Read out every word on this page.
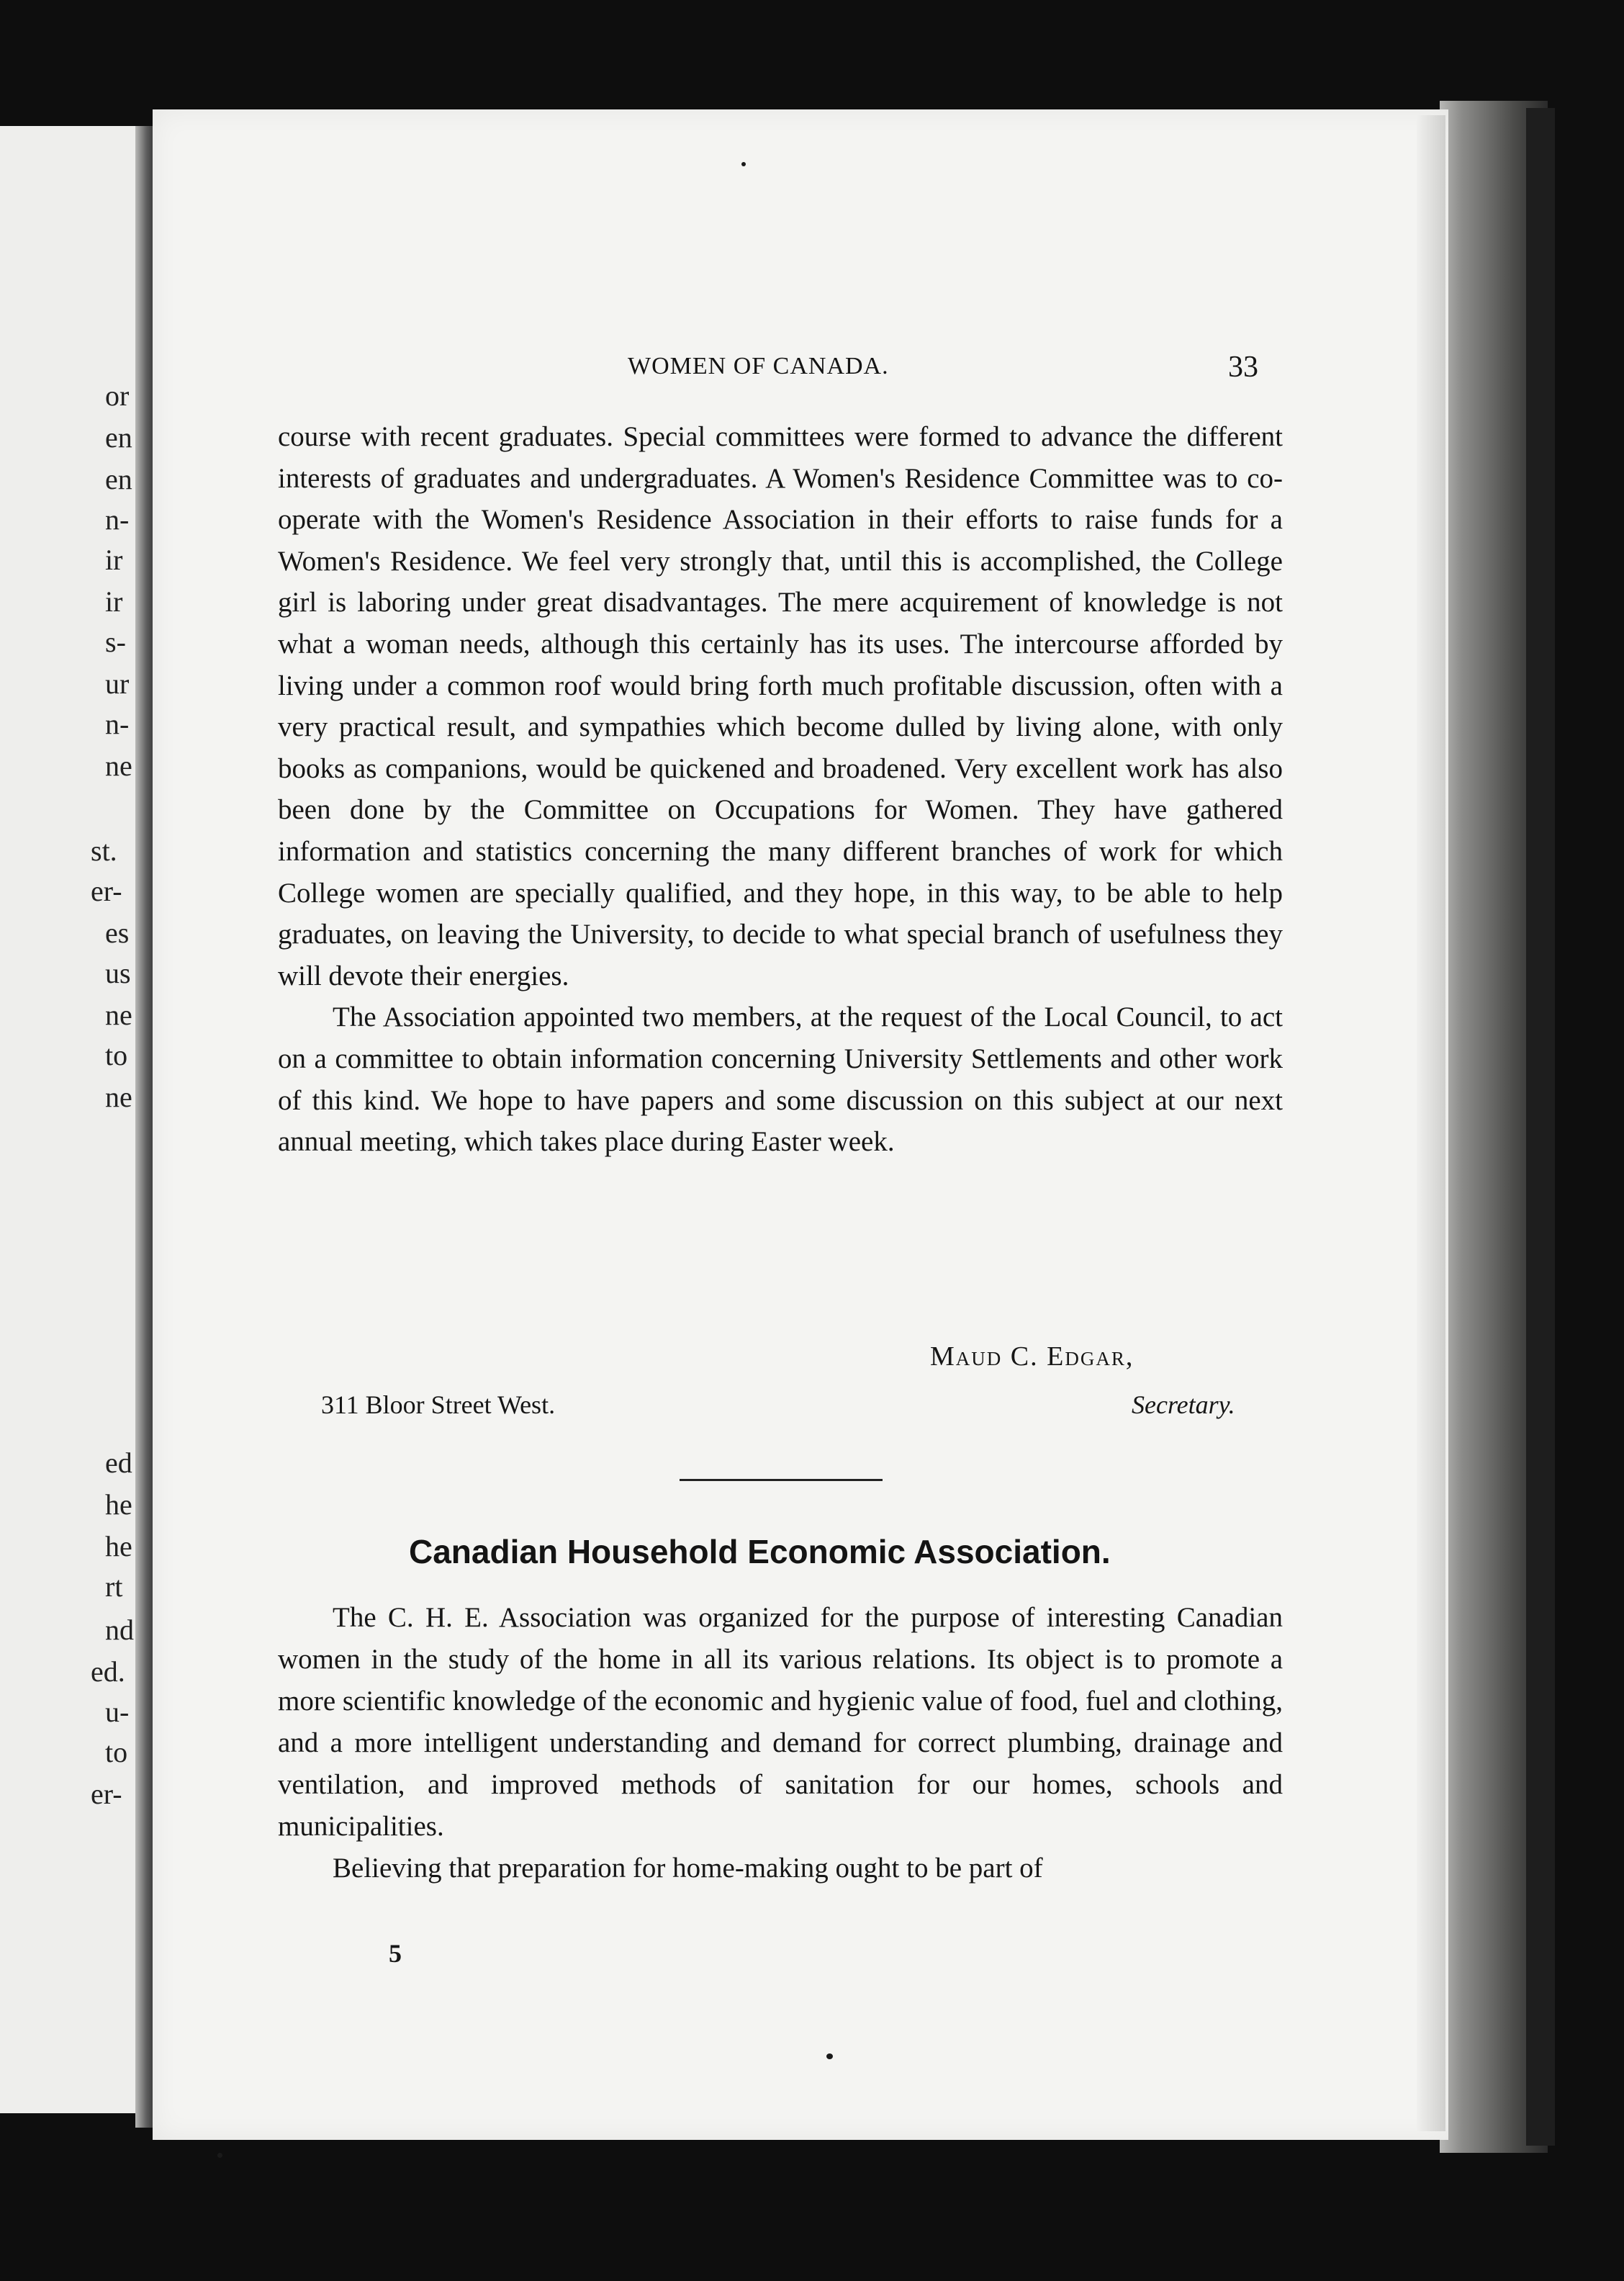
or
en
en
n-
ir
ir
s-
ur
n-
ne
st.
er-
es
us
ne
to
ne
ed
he
he
rt
nd
ed.
u-
to
er-
WOMEN OF CANADA.	33

course with recent graduates. Special committees were formed to advance the different interests of graduates and undergraduates. A Women's Residence Committee was to co-operate with the Women's Residence Association in their efforts to raise funds for a Women's Residence. We feel very strongly that, until this is accomplished, the College girl is laboring under great disadvantages. The mere acquirement of knowledge is not what a woman needs, although this certainly has its uses. The intercourse afforded by living under a common roof would bring forth much profitable discussion, often with a very practical result, and sympathies which become dulled by living alone, with only books as companions, would be quickened and broadened. Very excellent work has also been done by the Committee on Occupations for Women. They have gathered information and statistics concerning the many different branches of work for which College women are specially qualified, and they hope, in this way, to be able to help graduates, on leaving the University, to decide to what special branch of usefulness they will devote their energies.

The Association appointed two members, at the request of the Local Council, to act on a committee to obtain information concerning University Settlements and other work of this kind. We hope to have papers and some discussion on this subject at our next annual meeting, which takes place during Easter week.

Maud C. Edgar,
311 Bloor Street West.	Secretary.
Canadian Household Economic Association.

The C. H. E. Association was organized for the purpose of interesting Canadian women in the study of the home in all its various relations. Its object is to promote a more scientific knowledge of the economic and hygienic value of food, fuel and clothing, and a more intelligent understanding and demand for correct plumbing, drainage and ventilation, and improved methods of sanitation for our homes, schools and municipalities.

Believing that preparation for home-making ought to be part of

5
